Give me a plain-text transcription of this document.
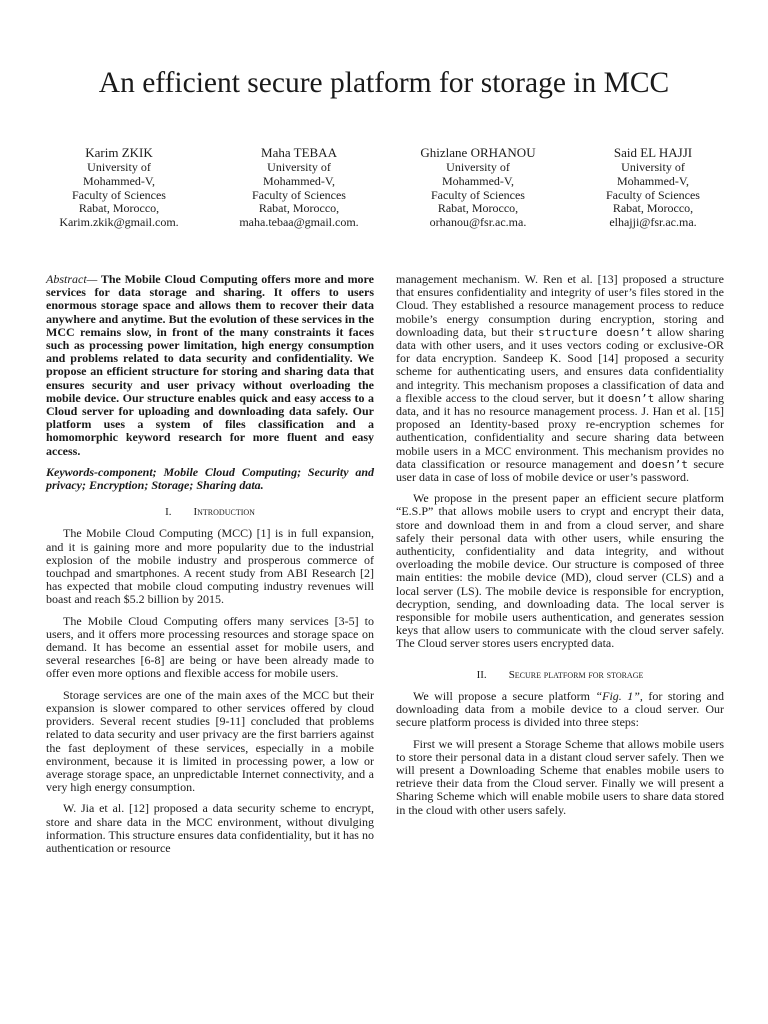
An efficient secure platform for storage in MCC
Karim ZKIK
University of
Mohammed-V,
Faculty of Sciences
Rabat, Morocco,
Karim.zkik@gmail.com.
Maha TEBAA
University of
Mohammed-V,
Faculty of Sciences
Rabat, Morocco,
maha.tebaa@gmail.com.
Ghizlane ORHANOU
University of
Mohammed-V,
Faculty of Sciences
Rabat, Morocco,
orhanou@fsr.ac.ma.
Said EL HAJJI
University of
Mohammed-V,
Faculty of Sciences
Rabat, Morocco,
elhajji@fsr.ac.ma.
Abstract— The Mobile Cloud Computing offers more and more services for data storage and sharing. It offers to users enormous storage space and allows them to recover their data anywhere and anytime. But the evolution of these services in the MCC remains slow, in front of the many constraints it faces such as processing power limitation, high energy consumption and problems related to data security and confidentiality. We propose an efficient structure for storing and sharing data that ensures security and user privacy without overloading the mobile device. Our structure enables quick and easy access to a Cloud server for uploading and downloading data safely. Our platform uses a system of files classification and a homomorphic keyword research for more fluent and easy access.
Keywords-component; Mobile Cloud Computing; Security and privacy; Encryption; Storage; Sharing data.
I. Introduction

The Mobile Cloud Computing (MCC) [1] is in full expansion, and it is gaining more and more popularity due to the industrial explosion of the mobile industry and prosperous commerce of touchpad and smartphones. A recent study from ABI Research [2] has expected that mobile cloud computing industry revenues will boast and reach $5.2 billion by 2015.

The Mobile Cloud Computing offers many services [3-5] to users, and it offers more processing resources and storage space on demand. It has become an essential asset for mobile users, and several researches [6-8] are being or have been already made to offer even more options and flexible access for mobile users.

Storage services are one of the main axes of the MCC but their expansion is slower compared to other services offered by cloud providers. Several recent studies [9-11] concluded that problems related to data security and user privacy are the first barriers against the fast deployment of these services, especially in a mobile environment, because it is limited in processing power, a low or average storage space, an unpredictable Internet connectivity, and a very high energy consumption.

W. Jia et al. [12] proposed a data security scheme to encrypt, store and share data in the MCC environment, without divulging information. This structure ensures data confidentiality, but it has no authentication or resource

management mechanism. W. Ren et al. [13] proposed a structure that ensures confidentiality and integrity of user’s files stored in the Cloud. They established a resource management process to reduce mobile’s energy consumption during encryption, storing and downloading data, but their structure doesn’t allow sharing data with other users, and it uses vectors coding or exclusive-OR for data encryption. Sandeep K. Sood [14] proposed a security scheme for authenticating users, and ensures data confidentiality and integrity. This mechanism proposes a classification of data and a flexible access to the cloud server, but it doesn’t allow sharing data, and it has no resource management process. J. Han et al. [15] proposed an Identity-based proxy re-encryption schemes for authentication, confidentiality and secure sharing data between mobile users in a MCC environment. This mechanism provides no data classification or resource management and doesn’t secure user data in case of loss of mobile device or user’s password.

We propose in the present paper an efficient secure platform “E.S.P” that allows mobile users to crypt and encrypt their data, store and download them in and from a cloud server, and share safely their personal data with other users, while ensuring the authenticity, confidentiality and data integrity, and without overloading the mobile device. Our structure is composed of three main entities: the mobile device (MD), cloud server (CLS) and a local server (LS). The mobile device is responsible for encryption, decryption, sending, and downloading data. The local server is responsible for mobile users authentication, and generates session keys that allow users to communicate with the cloud server safely. The Cloud server stores users encrypted data.

II. Secure platform for storage

We will propose a secure platform “Fig. 1”, for storing and downloading data from a mobile device to a cloud server. Our secure platform process is divided into three steps:

First we will present a Storage Scheme that allows mobile users to store their personal data in a distant cloud server safely. Then we will present a Downloading Scheme that enables mobile users to retrieve their data from the Cloud server. Finally we will present a Sharing Scheme which will enable mobile users to share data stored in the cloud with other users safely.
